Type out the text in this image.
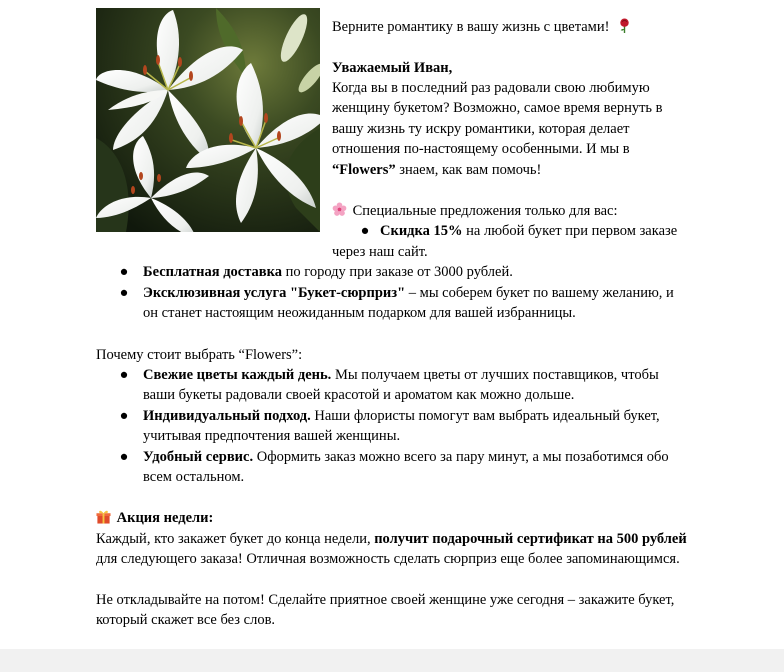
Верните романтику в вашу жизнь с цветами!
Уважаемый Иван,
Когда вы в последний раз радовали свою любимую
женщину букетом? Возможно, самое время вернуть в
вашу жизнь ту искру романтики, которая делает
отношения по-настоящему особенными. И мы в
“Flowers” знаем, как вам помочь!
Специальные предложения только для вас:
● Скидка 15% на любой букет при первом заказе
через наш сайт.
● Бесплатная доставка по городу при заказе от 3000 рублей.
● Эксклюзивная услуга "Букет-сюрприз" – мы соберем букет по вашему желанию, и
он станет настоящим неожиданным подарком для вашей избранницы.
Почему стоит выбрать “Flowers”:
● Свежие цветы каждый день. Мы получаем цветы от лучших поставщиков, чтобы
ваши букеты радовали своей красотой и ароматом как можно дольше.
● Индивидуальный подход. Наши флористы помогут вам выбрать идеальный букет,
учитывая предпочтения вашей женщины.
● Удобный сервис. Оформить заказ можно всего за пару минут, а мы позаботимся обо
всем остальном.
Акция недели:
Каждый, кто закажет букет до конца недели, получит подарочный сертификат на 500 рублей
для следующего заказа! Отличная возможность сделать сюрприз еще более запоминающимся.
Не откладывайте на потом! Сделайте приятное своей женщине уже сегодня – закажите букет,
который скажет все без слов.
